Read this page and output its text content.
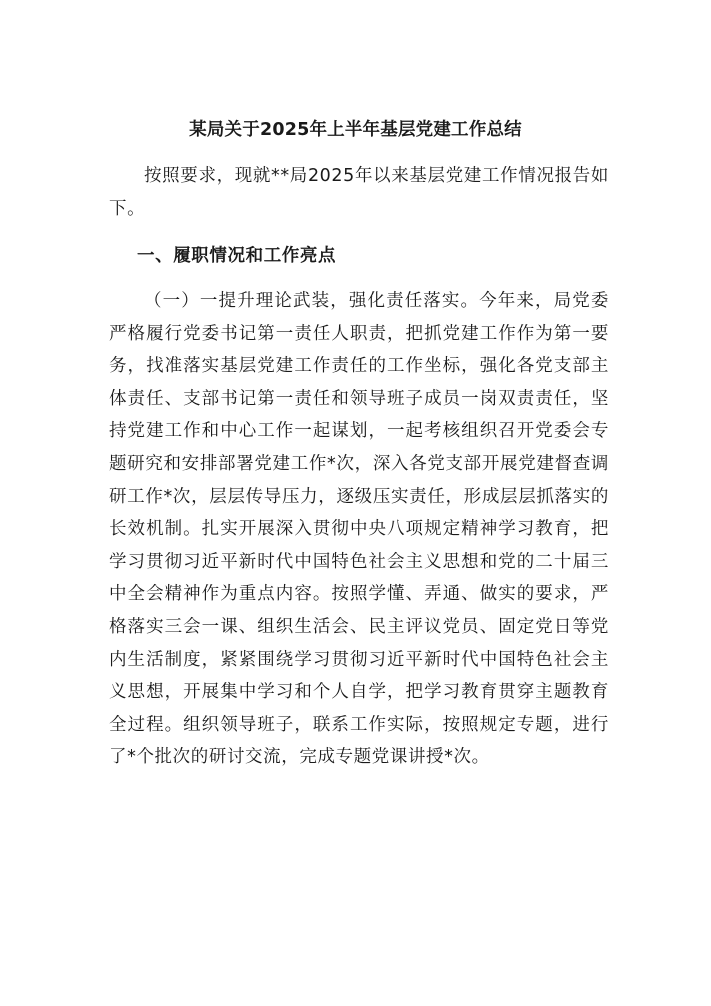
某局关于2025年上半年基层党建工作总结

按照要求，现就**局2025年以来基层党建工作情况报告如下。

一、履职情况和工作亮点

（一）一提升理论武装，强化责任落实。今年来，局党委严格履行党委书记第一责任人职责，把抓党建工作作为第一要务，找准落实基层党建工作责任的工作坐标，强化各党支部主体责任、支部书记第一责任和领导班子成员一岗双责责任，坚持党建工作和中心工作一起谋划，一起考核组织召开党委会专题研究和安排部署党建工作*次，深入各党支部开展党建督查调研工作*次，层层传导压力，逐级压实责任，形成层层抓落实的长效机制。扎实开展深入贯彻中央八项规定精神学习教育，把学习贯彻习近平新时代中国特色社会主义思想和党的二十届三中全会精神作为重点内容。按照学懂、弄通、做实的要求，严格落实三会一课、组织生活会、民主评议党员、固定党日等党内生活制度，紧紧围绕学习贯彻习近平新时代中国特色社会主义思想，开展集中学习和个人自学，把学习教育贯穿主题教育全过程。组织领导班子，联系工作实际，按照规定专题，进行了*个批次的研讨交流，完成专题党课讲授*次。
